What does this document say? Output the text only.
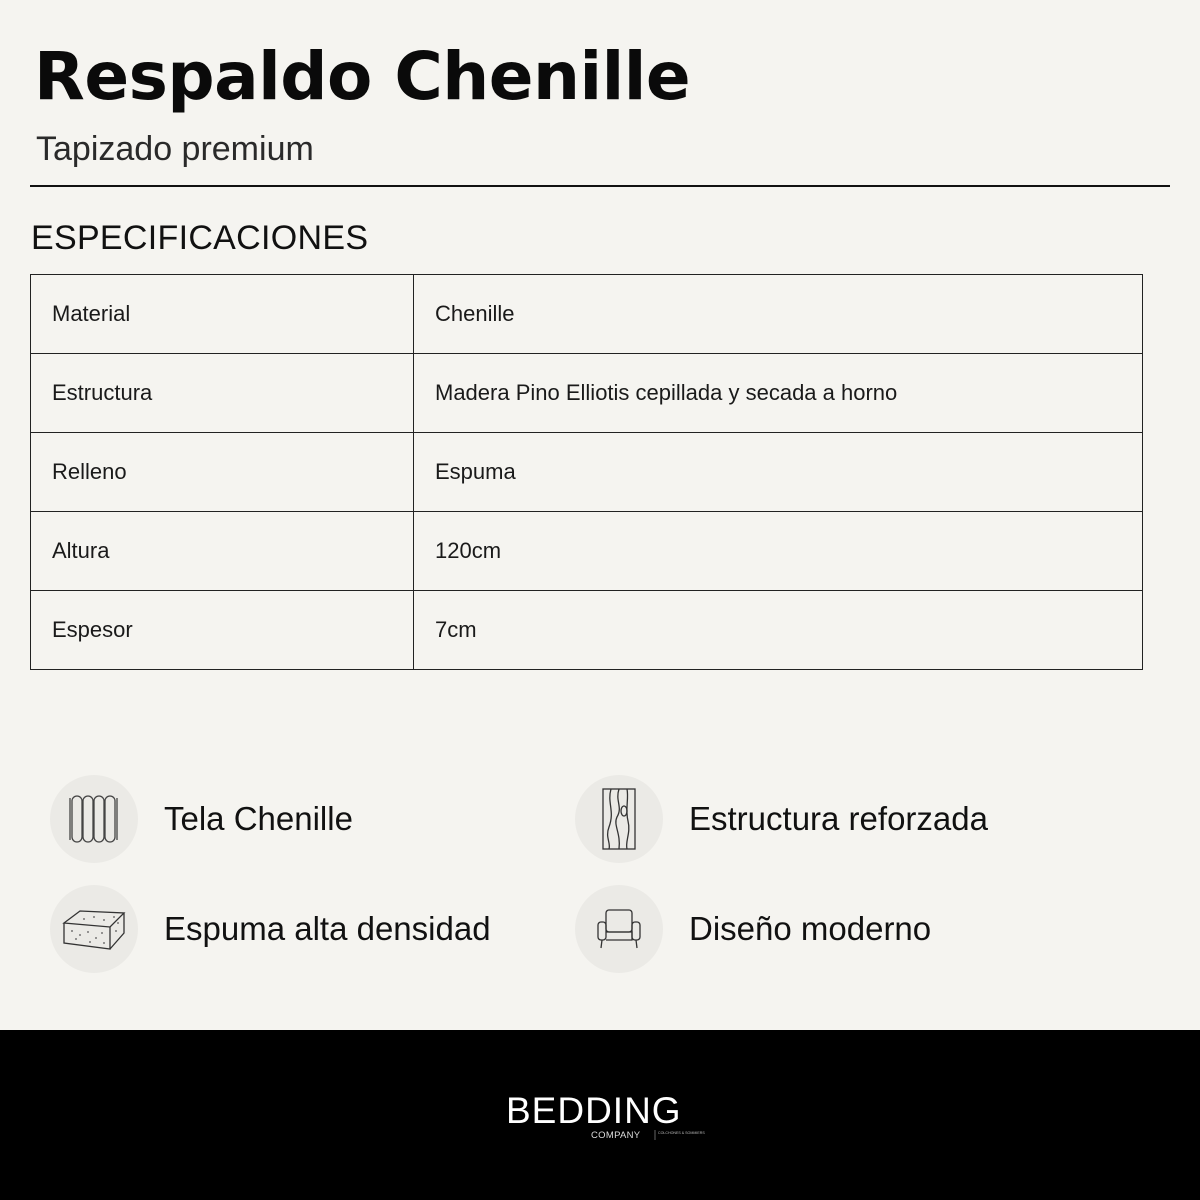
Respaldo Chenille
Tapizado premium
ESPECIFICACIONES
Material	Chenille
Estructura	Madera Pino Elliotis cepillada y secada a horno
Relleno	Espuma
Altura	120cm
Espesor	7cm
Tela Chenille	Estructura reforzada
Espuma alta densidad	Diseño moderno
BEDDING
COMPANY	COLCHONES & SOMMIERS
